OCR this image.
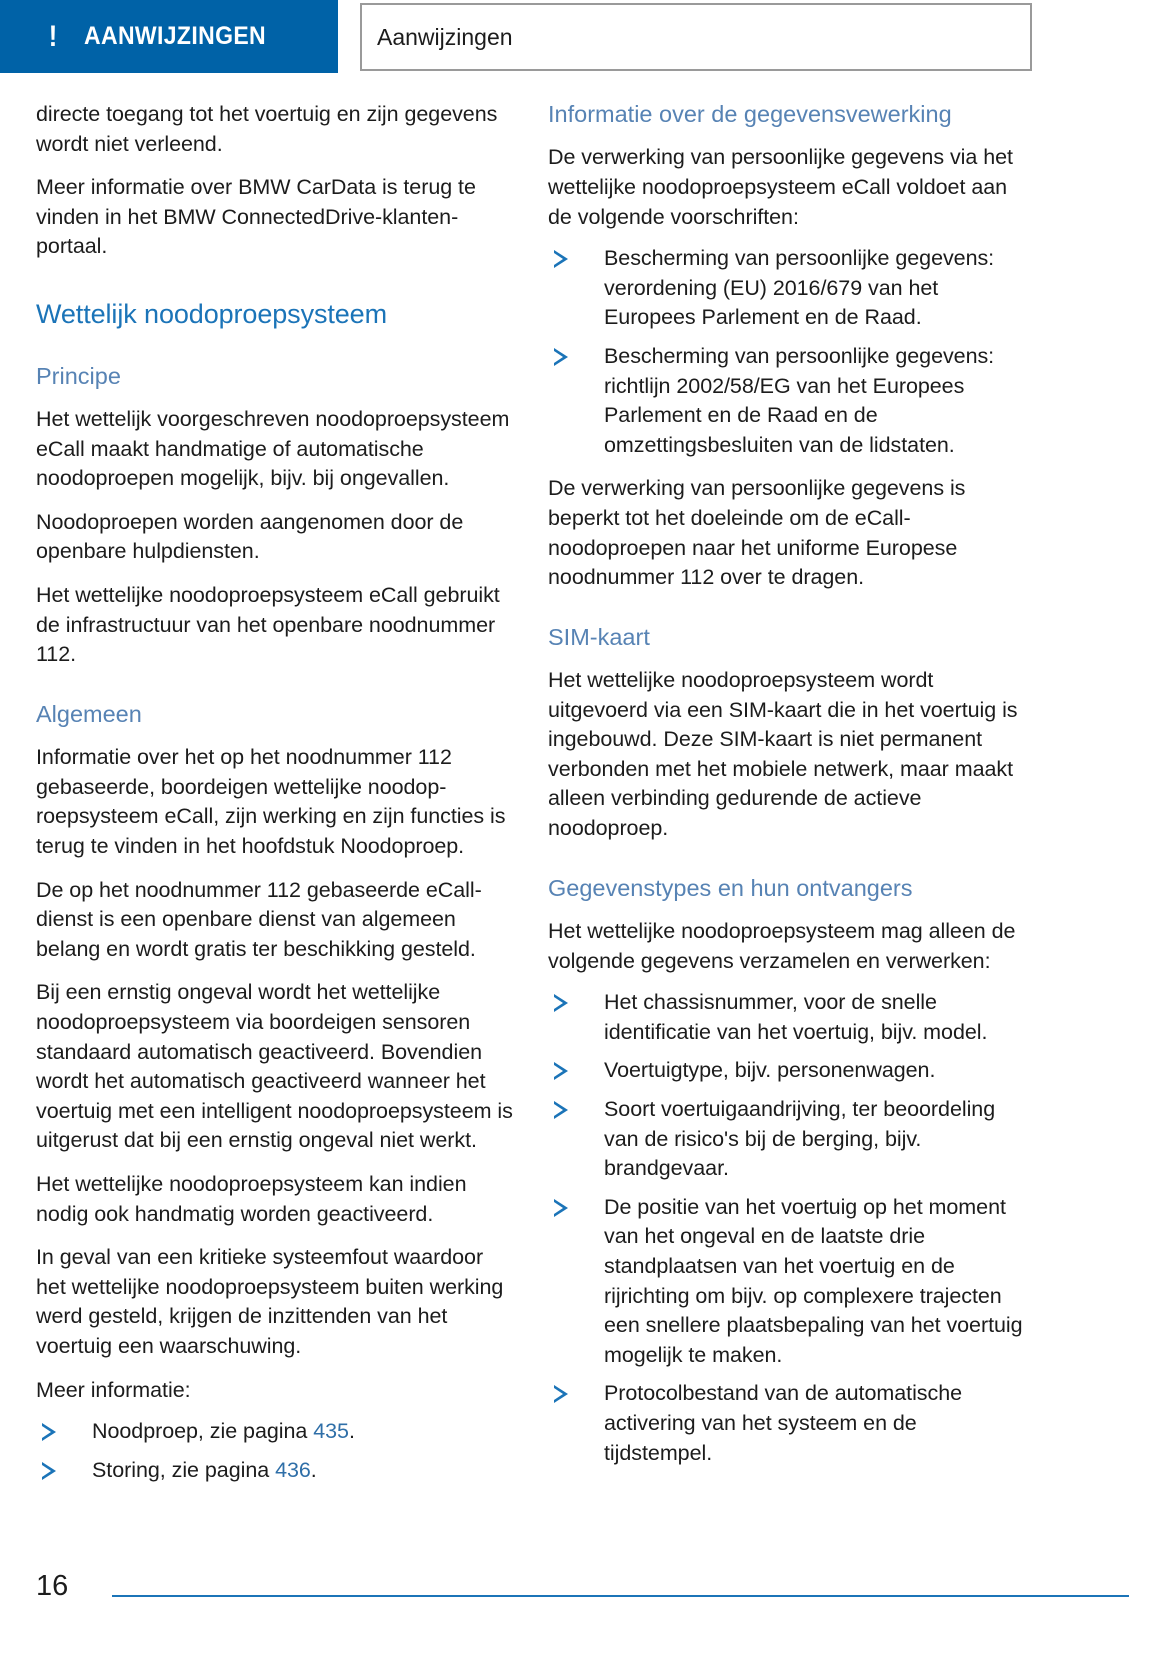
! AANWIJZINGEN	Aanwijzingen

directe toegang tot het voertuig en zijn gegevens wordt niet verleend.

Meer informatie over BMW CarData is terug te vinden in het BMW ConnectedDrive-klantenportaal.

Wettelijk noodoproepsysteem
Principe

Het wettelijk voorgeschreven noodoproepsysteem eCall maakt handmatige of automatische noodoproepen mogelijk, bijv. bij ongevallen.

Noodoproepen worden aangenomen door de openbare hulpdiensten.

Het wettelijke noodoproepsysteem eCall gebruikt de infrastructuur van het openbare noodnummer 112.

Algemeen

Informatie over het op het noodnummer 112 gebaseerde, boordeigen wettelijke noodoproepsysteem eCall, zijn werking en zijn functies is terug te vinden in het hoofdstuk Noodoproep.

De op het noodnummer 112 gebaseerde eCall-dienst is een openbare dienst van algemeen belang en wordt gratis ter beschikking gesteld.

Bij een ernstig ongeval wordt het wettelijke noodoproepsysteem via boordeigen sensoren standaard automatisch geactiveerd. Bovendien wordt het automatisch geactiveerd wanneer het voertuig met een intelligent noodoproepsysteem is uitgerust dat bij een ernstig ongeval niet werkt.

Het wettelijke noodoproepsysteem kan indien nodig ook handmatig worden geactiveerd.

In geval van een kritieke systeemfout waardoor het wettelijke noodoproepsysteem buiten werking werd gesteld, krijgen de inzittenden van het voertuig een waarschuwing.

Meer informatie:

Noodproep, zie pagina 435.
Storing, zie pagina 436.
Informatie over de gegevensvewerking

De verwerking van persoonlijke gegevens via het wettelijke noodoproepsysteem eCall voldoet aan de volgende voorschriften:

Bescherming van persoonlijke gegevens: verordening (EU) 2016/679 van het Europees Parlement en de Raad.
Bescherming van persoonlijke gegevens: richtlijn 2002/58/EG van het Europees Parlement en de Raad en de omzettingsbesluiten van de lidstaten.

De verwerking van persoonlijke gegevens is beperkt tot het doeleinde om de eCall-noodoproepen naar het uniforme Europese noodnummer 112 over te dragen.

SIM-kaart

Het wettelijke noodoproepsysteem wordt uitgevoerd via een SIM-kaart die in het voertuig is ingebouwd. Deze SIM-kaart is niet permanent verbonden met het mobiele netwerk, maar maakt alleen verbinding gedurende de actieve noodoproep.

Gegevenstypes en hun ontvangers

Het wettelijke noodoproepsysteem mag alleen de volgende gegevens verzamelen en verwerken:

Het chassisnummer, voor de snelle identificatie van het voertuig, bijv. model.
Voertuigtype, bijv. personenwagen.
Soort voertuigaandrijving, ter beoordeling van de risico's bij de berging, bijv. brandgevaar.
De positie van het voertuig op het moment van het ongeval en de laatste drie standplaatsen van het voertuig en de rijrichting om bijv. op complexere trajecten een snellere plaatsbepaling van het voertuig mogelijk te maken.
Protocolbestand van de automatische activering van het systeem en de tijdstempel.
16
